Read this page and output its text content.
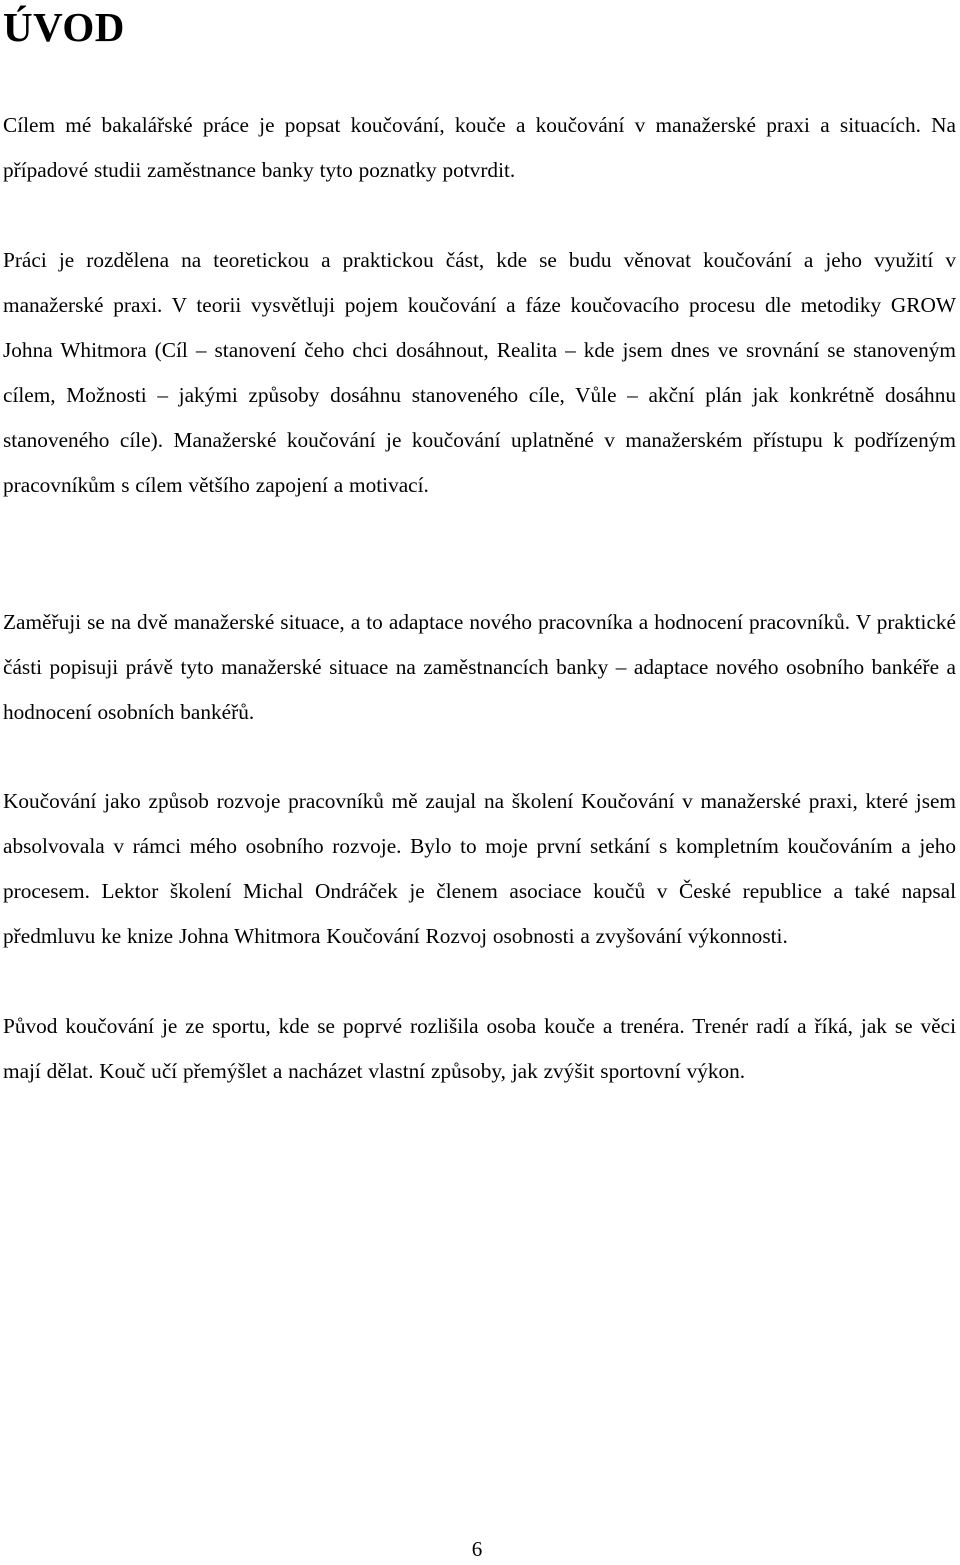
ÚVOD

Cílem mé bakalářské práce je popsat koučování, kouče a koučování v manažerské praxi a situacích. Na případové studii zaměstnance banky tyto poznatky potvrdit.

Práci je rozdělena na teoretickou a praktickou část, kde se budu věnovat koučování a jeho využití v manažerské praxi. V teorii vysvětluji pojem koučování a fáze koučovacího procesu dle metodiky GROW Johna Whitmora (Cíl – stanovení čeho chci dosáhnout, Realita – kde jsem dnes ve srovnání se stanoveným cílem, Možnosti – jakými způsoby dosáhnu stanoveného cíle, Vůle – akční plán jak konkrétně dosáhnu stanoveného cíle). Manažerské koučování je koučování uplatněné v manažerském přístupu k podřízeným pracovníkům s cílem většího zapojení a motivací.

Zaměřuji se na dvě manažerské situace, a to adaptace nového pracovníka a hodnocení pracovníků. V praktické části popisuji právě tyto manažerské situace na zaměstnancích banky – adaptace nového osobního bankéře a hodnocení osobních bankéřů.

Koučování jako způsob rozvoje pracovníků mě zaujal na školení Koučování v manažerské praxi, které jsem absolvovala v rámci mého osobního rozvoje. Bylo to moje první setkání s kompletním koučováním a jeho procesem. Lektor školení Michal Ondráček je členem asociace koučů v České republice a také napsal předmluvu ke knize Johna Whitmora Koučování Rozvoj osobnosti a zvyšování výkonnosti.

Původ koučování je ze sportu, kde se poprvé rozlišila osoba kouče a trenéra. Trenér radí a říká, jak se věci mají dělat. Kouč učí přemýšlet a nacházet vlastní způsoby, jak zvýšit sportovní výkon.

6
